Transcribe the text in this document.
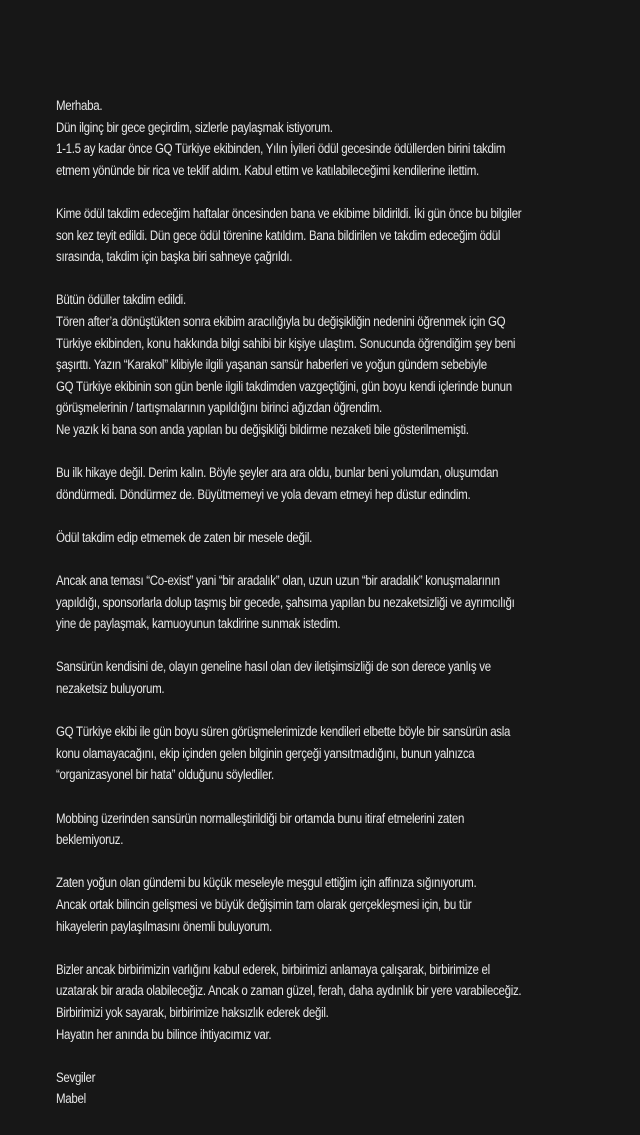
Merhaba.
Dün ilginç bir gece geçirdim, sizlerle paylaşmak istiyorum.
1-1.5 ay kadar önce GQ Türkiye ekibinden, Yılın İyileri ödül gecesinde ödüllerden birini takdim
etmem yönünde bir rica ve teklif aldım. Kabul ettim ve katılabileceğimi kendilerine ilettim.
Kime ödül takdim edeceğim haftalar öncesinden bana ve ekibime bildirildi. İki gün önce bu bilgiler
son kez teyit edildi. Dün gece ödül törenine katıldım. Bana bildirilen ve takdim edeceğim ödül
sırasında, takdim için başka biri sahneye çağrıldı.
Bütün ödüller takdim edildi.
Tören after’a dönüştükten sonra ekibim aracılığıyla bu değişikliğin nedenini öğrenmek için GQ
Türkiye ekibinden, konu hakkında bilgi sahibi bir kişiye ulaştım. Sonucunda öğrendiğim şey beni
şaşırttı. Yazın “Karakol” klibiyle ilgili yaşanan sansür haberleri ve yoğun gündem sebebiyle
GQ Türkiye ekibinin son gün benle ilgili takdimden vazgeçtiğini, gün boyu kendi içlerinde bunun
görüşmelerinin / tartışmalarının yapıldığını birinci ağızdan öğrendim.
Ne yazık ki bana son anda yapılan bu değişikliği bildirme nezaketi bile gösterilmemişti.
Bu ilk hikaye değil. Derim kalın. Böyle şeyler ara ara oldu, bunlar beni yolumdan, oluşumdan
döndürmedi. Döndürmez de. Büyütmemeyi ve yola devam etmeyi hep düstur edindim.
Ödül takdim edip etmemek de zaten bir mesele değil.
Ancak ana teması “Co-exist” yani “bir aradalık” olan, uzun uzun “bir aradalık” konuşmalarının
yapıldığı, sponsorlarla dolup taşmış bir gecede, şahsıma yapılan bu nezaketsizliği ve ayrımcılığı
yine de paylaşmak, kamuoyunun takdirine sunmak istedim.
Sansürün kendisini de, olayın geneline hasıl olan dev iletişimsizliği de son derece yanlış ve
nezaketsiz buluyorum.
GQ Türkiye ekibi ile gün boyu süren görüşmelerimizde kendileri elbette böyle bir sansürün asla
konu olamayacağını, ekip içinden gelen bilginin gerçeği yansıtmadığını, bunun yalnızca
“organizasyonel bir hata” olduğunu söylediler.
Mobbing üzerinden sansürün normalleştirildiği bir ortamda bunu itiraf etmelerini zaten
beklemiyoruz.
Zaten yoğun olan gündemi bu küçük meseleyle meşgul ettiğim için affınıza sığınıyorum.
Ancak ortak bilincin gelişmesi ve büyük değişimin tam olarak gerçekleşmesi için, bu tür
hikayelerin paylaşılmasını önemli buluyorum.
Bizler ancak birbirimizin varlığını kabul ederek, birbirimizi anlamaya çalışarak, birbirimize el
uzatarak bir arada olabileceğiz. Ancak o zaman güzel, ferah, daha aydınlık bir yere varabileceğiz.
Birbirimizi yok sayarak, birbirimize haksızlık ederek değil.
Hayatın her anında bu bilince ihtiyacımız var.
Sevgiler
Mabel
